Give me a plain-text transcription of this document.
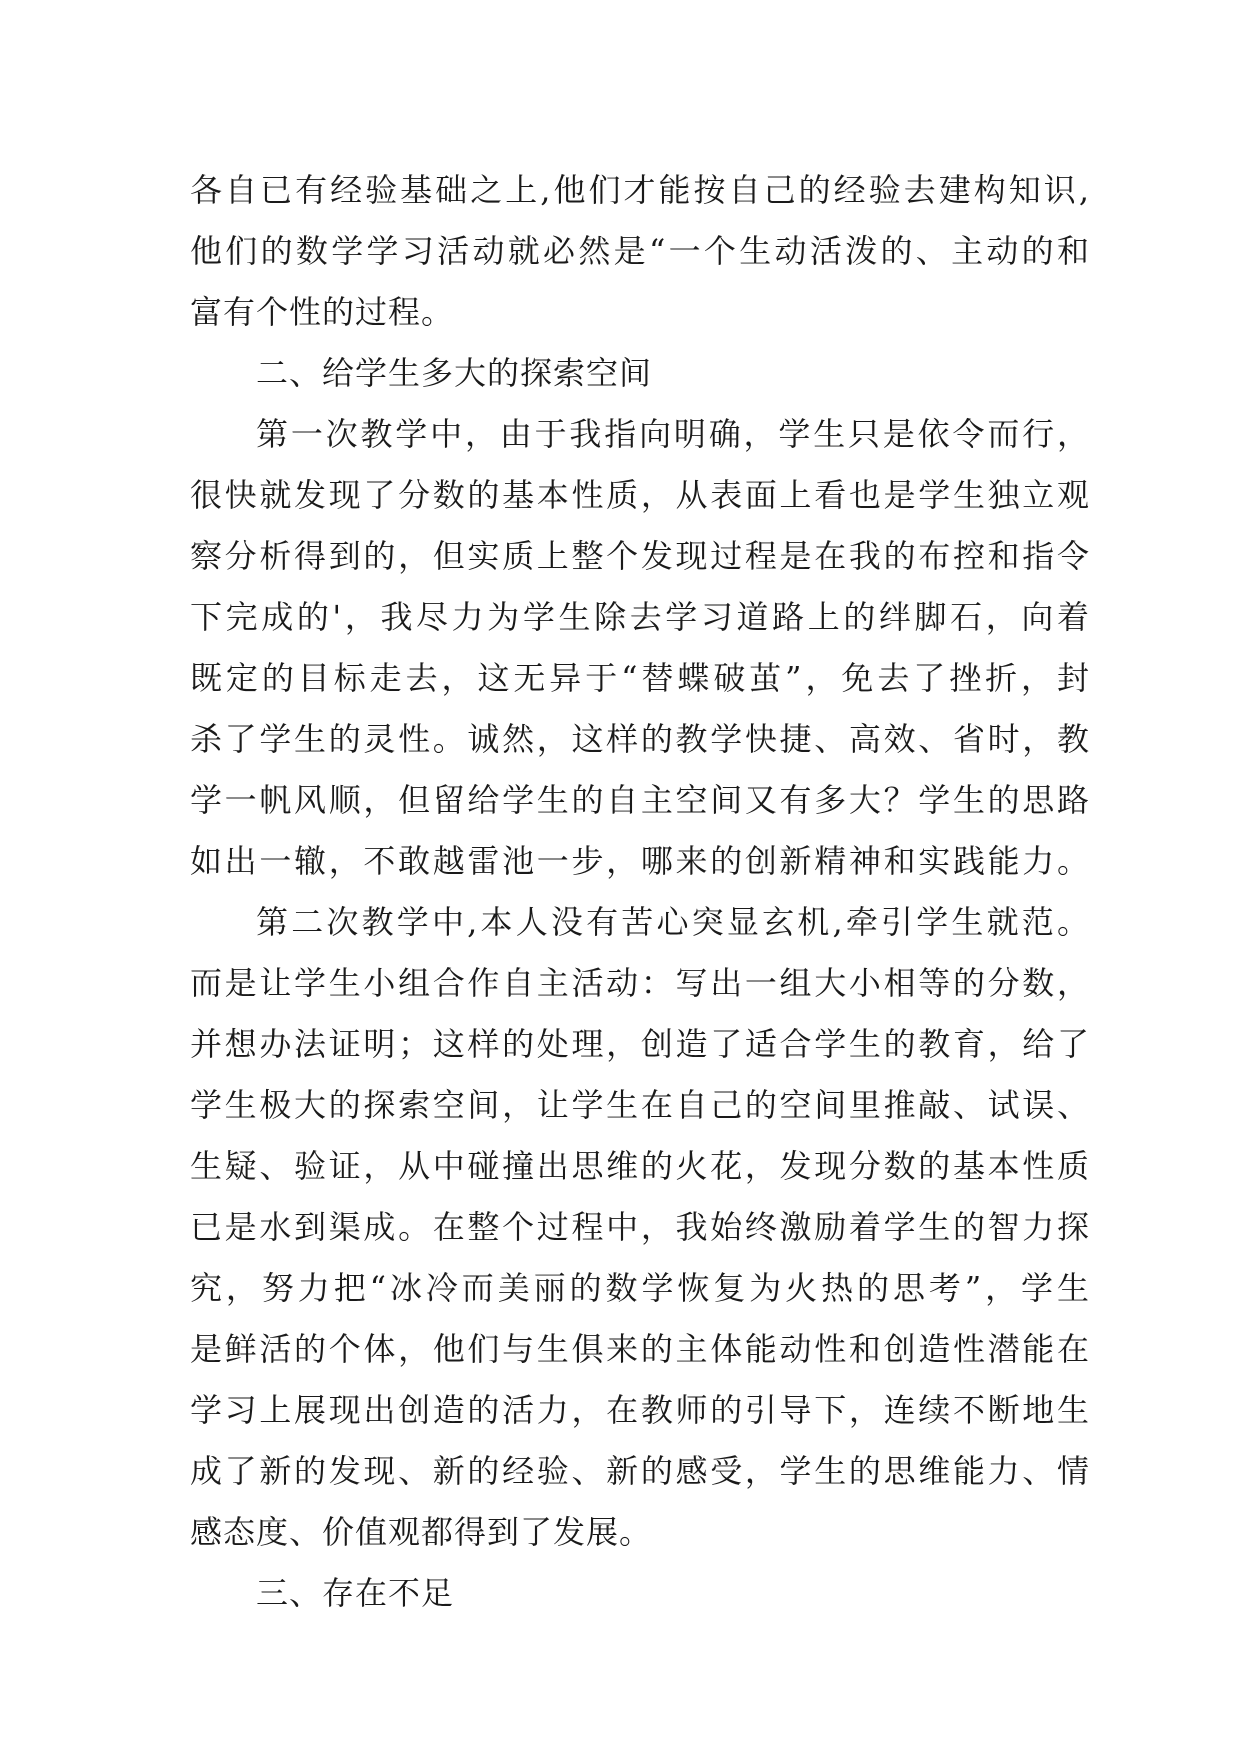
各自已有经验基础之上,他们才能按自己的经验去建构知识,
他们的数学学习活动就必然是“一个生动活泼的、主动的和
富有个性的过程。
二、给学生多大的探索空间
第一次教学中，由于我指向明确，学生只是依令而行，
很快就发现了分数的基本性质，从表面上看也是学生独立观
察分析得到的，但实质上整个发现过程是在我的布控和指令
下完成的'，我尽力为学生除去学习道路上的绊脚石，向着
既定的目标走去，这无异于“替蝶破茧”，免去了挫折，封
杀了学生的灵性。诚然，这样的教学快捷、高效、省时，教
学一帆风顺，但留给学生的自主空间又有多大？学生的思路
如出一辙，不敢越雷池一步，哪来的创新精神和实践能力。
第二次教学中,本人没有苦心突显玄机,牵引学生就范。
而是让学生小组合作自主活动：写出一组大小相等的分数，
并想办法证明；这样的处理，创造了适合学生的教育，给了
学生极大的探索空间，让学生在自己的空间里推敲、试误、
生疑、验证，从中碰撞出思维的火花，发现分数的基本性质
已是水到渠成。在整个过程中，我始终激励着学生的智力探
究，努力把“冰冷而美丽的数学恢复为火热的思考”，学生
是鲜活的个体，他们与生俱来的主体能动性和创造性潜能在
学习上展现出创造的活力，在教师的引导下，连续不断地生
成了新的发现、新的经验、新的感受，学生的思维能力、情
感态度、价值观都得到了发展。
三、存在不足
